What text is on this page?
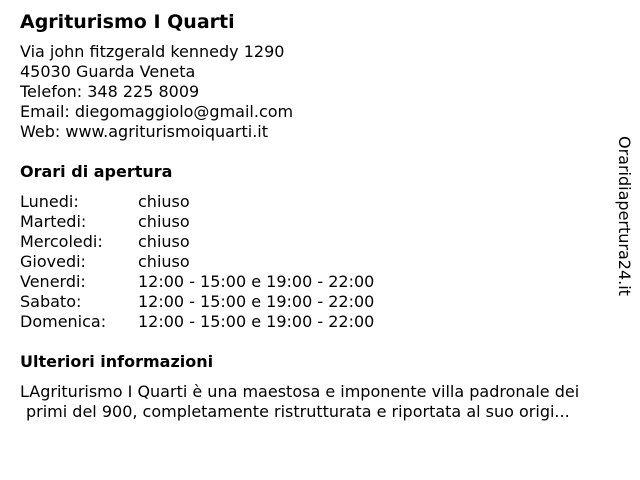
Agriturismo I Quarti
Via john fitzgerald kennedy 1290
45030 Guarda Veneta
Telefon: 348 225 8009
Email: diegomaggiolo@gmail.com
Web: www.agriturismoiquarti.it
Orari di apertura
Lunedi:	chiuso
Martedi:	chiuso
Mercoledi:	chiuso
Giovedi:	chiuso
Venerdi:	12:00 - 15:00 e 19:00 - 22:00
Sabato:	12:00 - 15:00 e 19:00 - 22:00
Domenica:	12:00 - 15:00 e 19:00 - 22:00
Ulteriori informazioni
LAgriturismo I Quarti è una maestosa e imponente villa padronale dei
primi del 900, completamente ristrutturata e riportata al suo origi...
Oraridiapertura24.it
